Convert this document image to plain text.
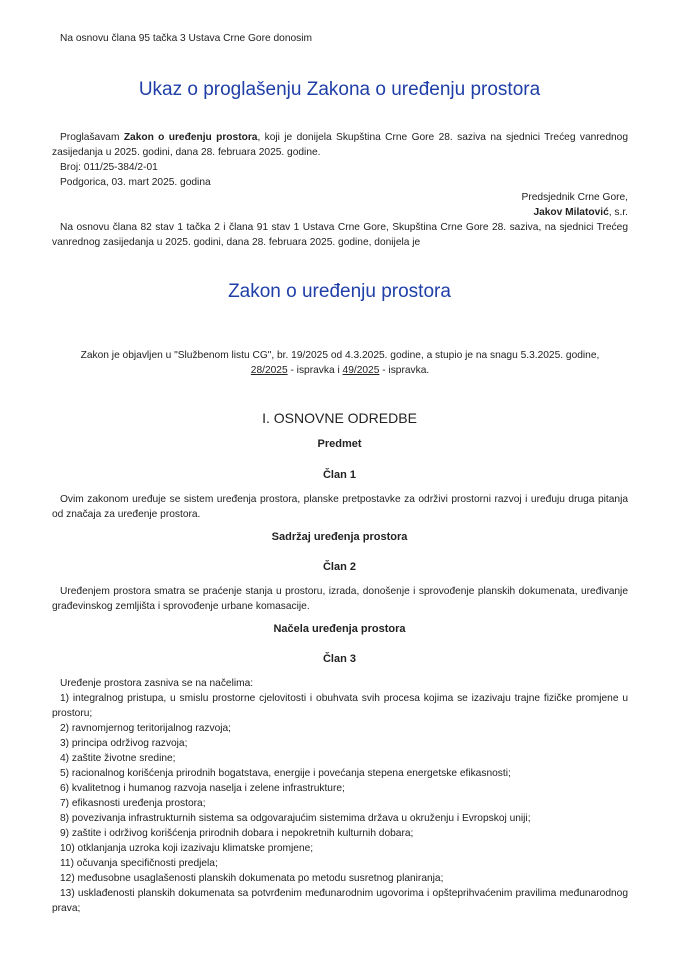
Na osnovu člana 95 tačka 3 Ustava Crne Gore donosim

Ukaz o proglašenju Zakona o uređenju prostora

Proglašavam Zakon o uređenju prostora, koji je donijela Skupština Crne Gore 28. saziva na sjednici Trećeg vanrednog zasijedanja u 2025. godini, dana 28. februara 2025. godine.

Broj: 011/25-384/2-01

Podgorica, 03. mart 2025. godina

Predsjednik Crne Gore,

Jakov Milatović, s.r.

Na osnovu člana 82 stav 1 tačka 2 i člana 91 stav 1 Ustava Crne Gore, Skupština Crne Gore 28. saziva, na sjednici Trećeg vanrednog zasijedanja u 2025. godini, dana 28. februara 2025. godine, donijela je

Zakon o uređenju prostora

Zakon je objavljen u "Službenom listu CG", br. 19/2025 od 4.3.2025. godine, a stupio je na snagu 5.3.2025. godine,
28/2025 - ispravka i 49/2025 - ispravka.

I. OSNOVNE ODREDBE
Predmet
Član 1

Ovim zakonom uređuje se sistem uređenja prostora, planske pretpostavke za održivi prostorni razvoj i uređuju druga pitanja od značaja za uređenje prostora.

Sadržaj uređenja prostora
Član 2

Uređenjem prostora smatra se praćenje stanja u prostoru, izrada, donošenje i sprovođenje planskih dokumenata, uređivanje građevinskog zemljišta i sprovođenje urbane komasacije.

Načela uređenja prostora
Član 3

Uređenje prostora zasniva se na načelima:

1) integralnog pristupa, u smislu prostorne cjelovitosti i obuhvata svih procesa kojima se izazivaju trajne fizičke promjene u prostoru;

2) ravnomjernog teritorijalnog razvoja;

3) principa održivog razvoja;

4) zaštite životne sredine;

5) racionalnog korišćenja prirodnih bogatstava, energije i povećanja stepena energetske efikasnosti;

6) kvalitetnog i humanog razvoja naselja i zelene infrastrukture;

7) efikasnosti uređenja prostora;

8) povezivanja infrastrukturnih sistema sa odgovarajućim sistemima država u okruženju i Evropskoj uniji;

9) zaštite i održivog korišćenja prirodnih dobara i nepokretnih kulturnih dobara;

10) otklanjanja uzroka koji izazivaju klimatske promjene;

11) očuvanja specifičnosti predjela;

12) međusobne usaglašenosti planskih dokumenata po metodu susretnog planiranja;

13) usklađenosti planskih dokumenata sa potvrđenim međunarodnim ugovorima i opšteprihvaćenim pravilima međunarodnog prava;
